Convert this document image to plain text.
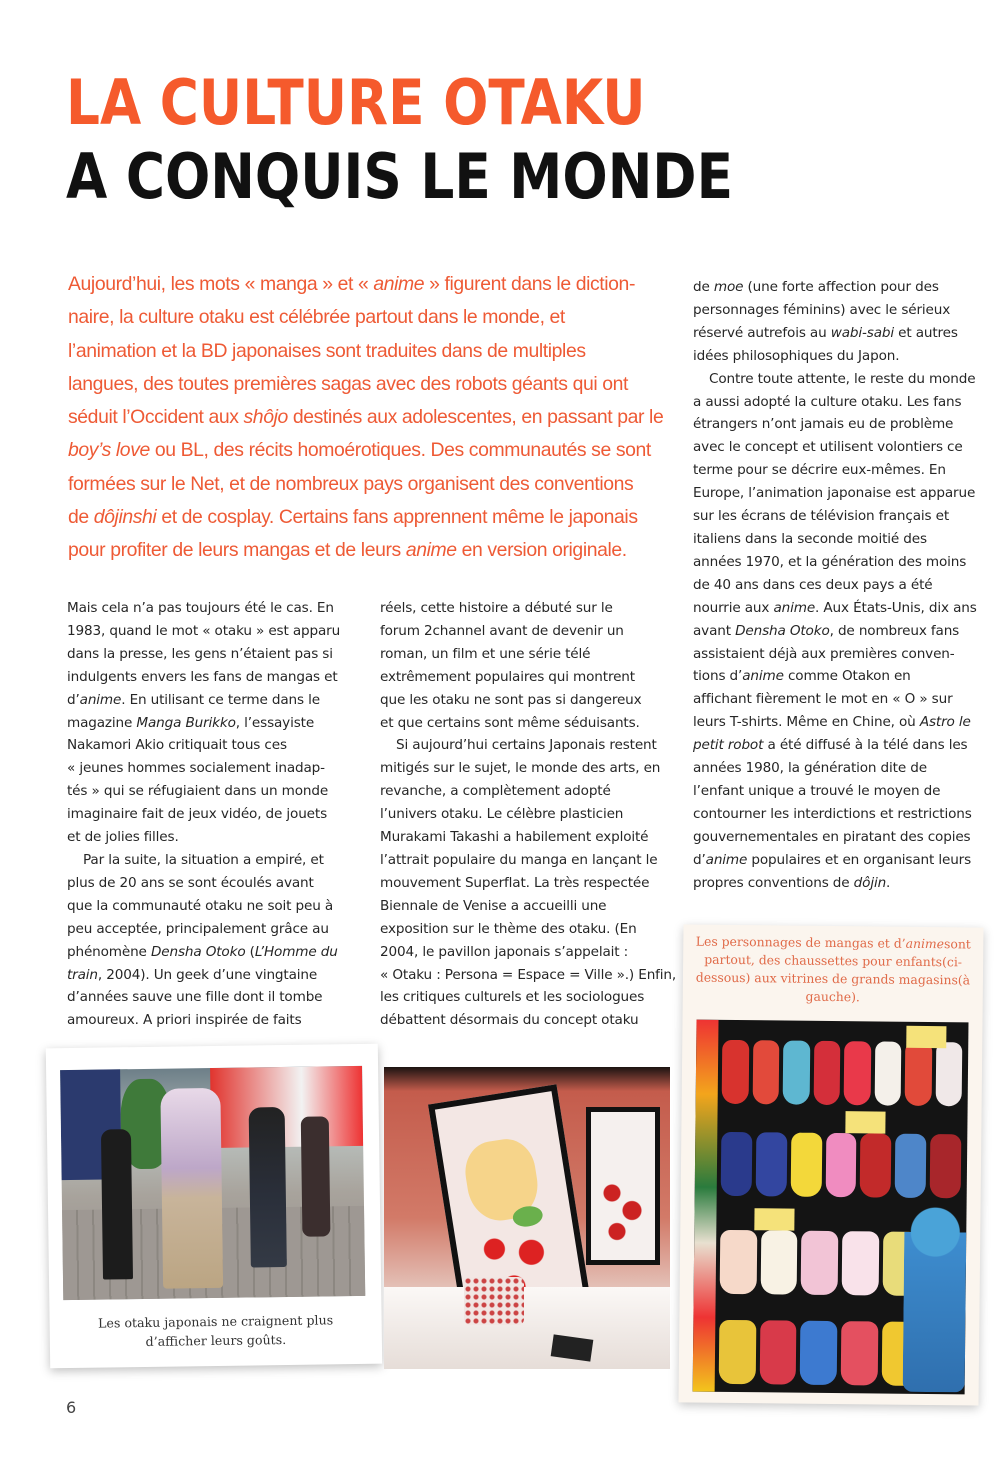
LA CULTURE OTAKU
A CONQUIS LE MONDE
Aujourd’hui, les mots « manga » et « anime » figurent dans le diction-
naire, la culture otaku est célébrée partout dans le monde, et
l’animation et la BD japonaises sont traduites dans de multiples
langues, des toutes premières sagas avec des robots géants qui ont
séduit l’Occident aux shôjo destinés aux adolescentes, en passant par le
boy’s love ou BL, des récits homoérotiques. Des communautés se sont
formées sur le Net, et de nombreux pays organisent des conventions
de dôjinshi et de cosplay. Certains fans apprennent même le japonais
pour profiter de leurs mangas et de leurs anime en version originale.
Mais cela n’a pas toujours été le cas. En
1983, quand le mot « otaku » est apparu
dans la presse, les gens n’étaient pas si
indulgents envers les fans de mangas et
d’anime. En utilisant ce terme dans le
magazine Manga Burikko, l’essayiste
Nakamori Akio critiquait tous ces
« jeunes hommes socialement inadap-
tés » qui se réfugiaient dans un monde
imaginaire fait de jeux vidéo, de jouets
et de jolies filles.
Par la suite, la situation a empiré, et
plus de 20 ans se sont écoulés avant
que la communauté otaku ne soit peu à
peu acceptée, principalement grâce au
phénomène Densha Otoko (L’Homme du
train, 2004). Un geek d’une vingtaine
d’années sauve une fille dont il tombe
amoureux. A priori inspirée de faits
réels, cette histoire a débuté sur le
forum 2channel avant de devenir un
roman, un film et une série télé
extrêmement populaires qui montrent
que les otaku ne sont pas si dangereux
et que certains sont même séduisants.
Si aujourd’hui certains Japonais restent
mitigés sur le sujet, le monde des arts, en
revanche, a complètement adopté
l’univers otaku. Le célèbre plasticien
Murakami Takashi a habilement exploité
l’attrait populaire du manga en lançant le
mouvement Superflat. La très respectée
Biennale de Venise a accueilli une
exposition sur le thème des otaku. (En
2004, le pavillon japonais s’appelait :
« Otaku : Persona = Espace = Ville ».) Enfin,
les critiques culturels et les sociologues
débattent désormais du concept otaku
de moe (une forte affection pour des
personnages féminins) avec le sérieux
réservé autrefois au wabi-sabi et autres
idées philosophiques du Japon.
Contre toute attente, le reste du monde
a aussi adopté la culture otaku. Les fans
étrangers n’ont jamais eu de problème
avec le concept et utilisent volontiers ce
terme pour se décrire eux-mêmes. En
Europe, l’animation japonaise est apparue
sur les écrans de télévision français et
italiens dans la seconde moitié des
années 1970, et la génération des moins
de 40 ans dans ces deux pays a été
nourrie aux anime. Aux États-Unis, dix ans
avant Densha Otoko, de nombreux fans
assistaient déjà aux premières conven-
tions d’anime comme Otakon en
affichant fièrement le mot en « O » sur
leurs T-shirts. Même en Chine, où Astro le
petit robot a été diffusé à la télé dans les
années 1980, la génération dite de
l’enfant unique a trouvé le moyen de
contourner les interdictions et restrictions
gouvernementales en piratant des copies
d’anime populaires et en organisant leurs
propres conventions de dôjin.
Les otaku japonais ne craignent plus
d’afficher leurs goûts.
Les personnages de mangas et d’animesont partout, des chaussettes pour enfants(ci-dessous) aux vitrines de grands magasins(à gauche).
6
